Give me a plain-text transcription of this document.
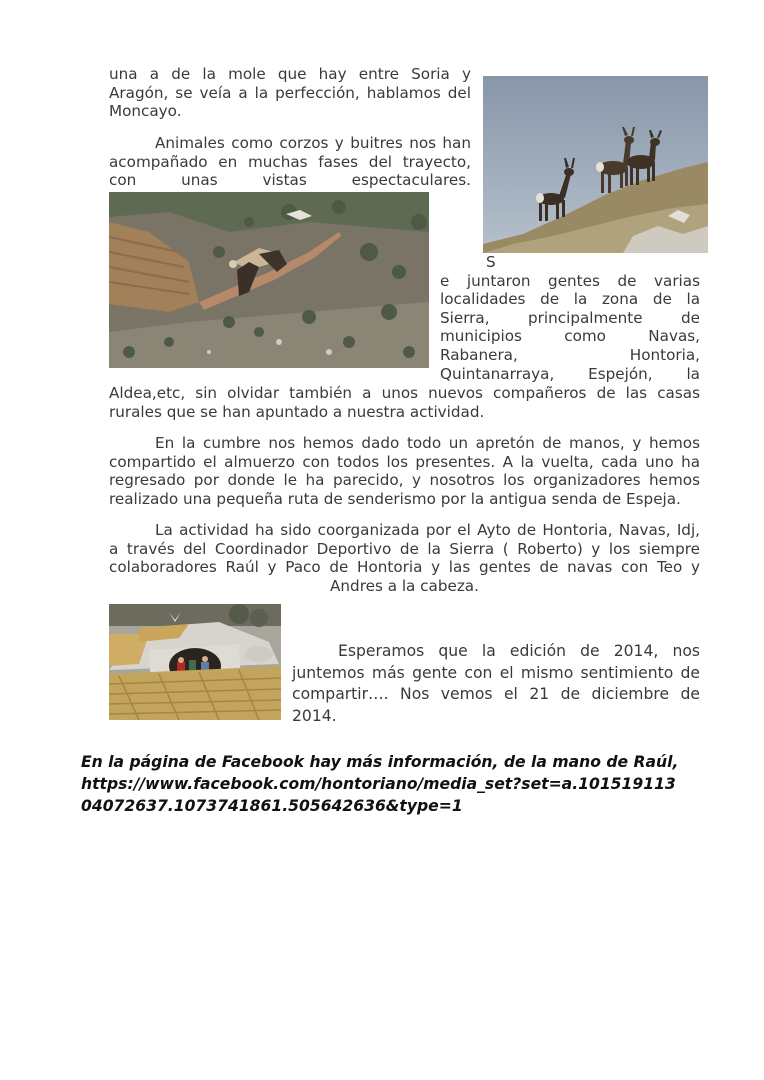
una a de la mole que hay entre Soria y
Aragón, se veía a la perfección, hablamos del
Moncayo.
Animales como corzos y buitres nos han
acompañado en muchas fases del trayecto,
con unas vistas espectaculares.
S
e juntaron gentes de varias
localidades de la zona de la
Sierra, principalmente de
municipios como Navas,
Rabanera, Hontoria,
Quintanarraya, Espejón, la
Aldea,etc, sin olvidar también a unos nuevos compañeros de las casas
rurales que se han apuntado a nuestra actividad.
En la cumbre nos hemos dado todo un apretón de manos, y hemos
compartido el almuerzo con todos los presentes. A la vuelta, cada uno ha
regresado por donde le ha parecido, y nosotros los organizadores hemos
realizado una pequeña ruta de senderismo por la antigua senda de Espeja.
La actividad ha sido coorganizada por el Ayto de Hontoria, Navas, Idj,
a través del Coordinador Deportivo de la Sierra ( Roberto) y los siempre
colaboradores Raúl y Paco de Hontoria y las gentes de navas con Teo y
Andres a la cabeza.
Esperamos que la edición de 2014, nos
juntemos más gente con el mismo sentimiento de
compartir…. Nos vemos el 21 de diciembre de 2014.
En la página de Facebook hay más información, de la mano de Raúl,
https://www.facebook.com/hontoriano/media_set?set=a.101519113
04072637.1073741861.505642636&type=1
